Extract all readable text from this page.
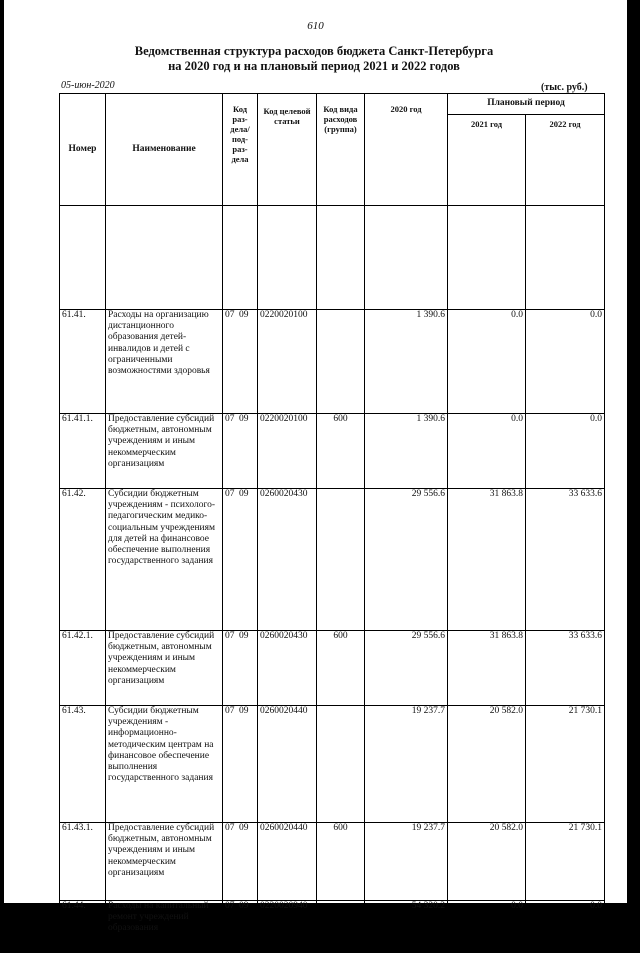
610
Ведомственная структура расходов бюджета Санкт-Петербурга
на 2020 год и на плановый период 2021 и 2022 годов
05-июн-2020	(тыс. руб.)
Номер	Наименование	Код раз-дела/ под-раз-дела	Код целевой статьи	Код вида расходов (группа)	2020 год	Плановый период	
						2021 год	2022 год

61.41.	Расходы на организацию дистанционного образования детей-инвалидов и детей с ограниченными возможностями здоровья	07 09	0220020100		1 390.6	0.0	0.0
61.41.1.	Предоставление субсидий бюджетным, автономным учреждениям и иным некоммерческим организациям	07 09	0220020100	600	1 390.6	0.0	0.0
61.42.	Субсидии бюджетным учреждениям - психолого-педагогическим медико-социальным учреждениям для детей на финансовое обеспечение выполнения государственного задания	07 09	0260020430		29 556.6	31 863.8	33 633.6
61.42.1.	Предоставление субсидий бюджетным, автономным учреждениям и иным некоммерческим организациям	07 09	0260020430	600	29 556.6	31 863.8	33 633.6
61.43.	Субсидии бюджетным учреждениям - информационно-методическим центрам на финансовое обеспечение выполнения государственного задания	07 09	0260020440		19 237.7	20 582.0	21 730.1
61.43.1.	Предоставление субсидий бюджетным, автономным учреждениям и иным некоммерческим организациям	07 09	0260020440	600	19 237.7	20 582.0	21 730.1
61.44.	Расходы на капитальный ремонт учреждений образования	07 09	0220020940		54 320.2	0.0	0.0
